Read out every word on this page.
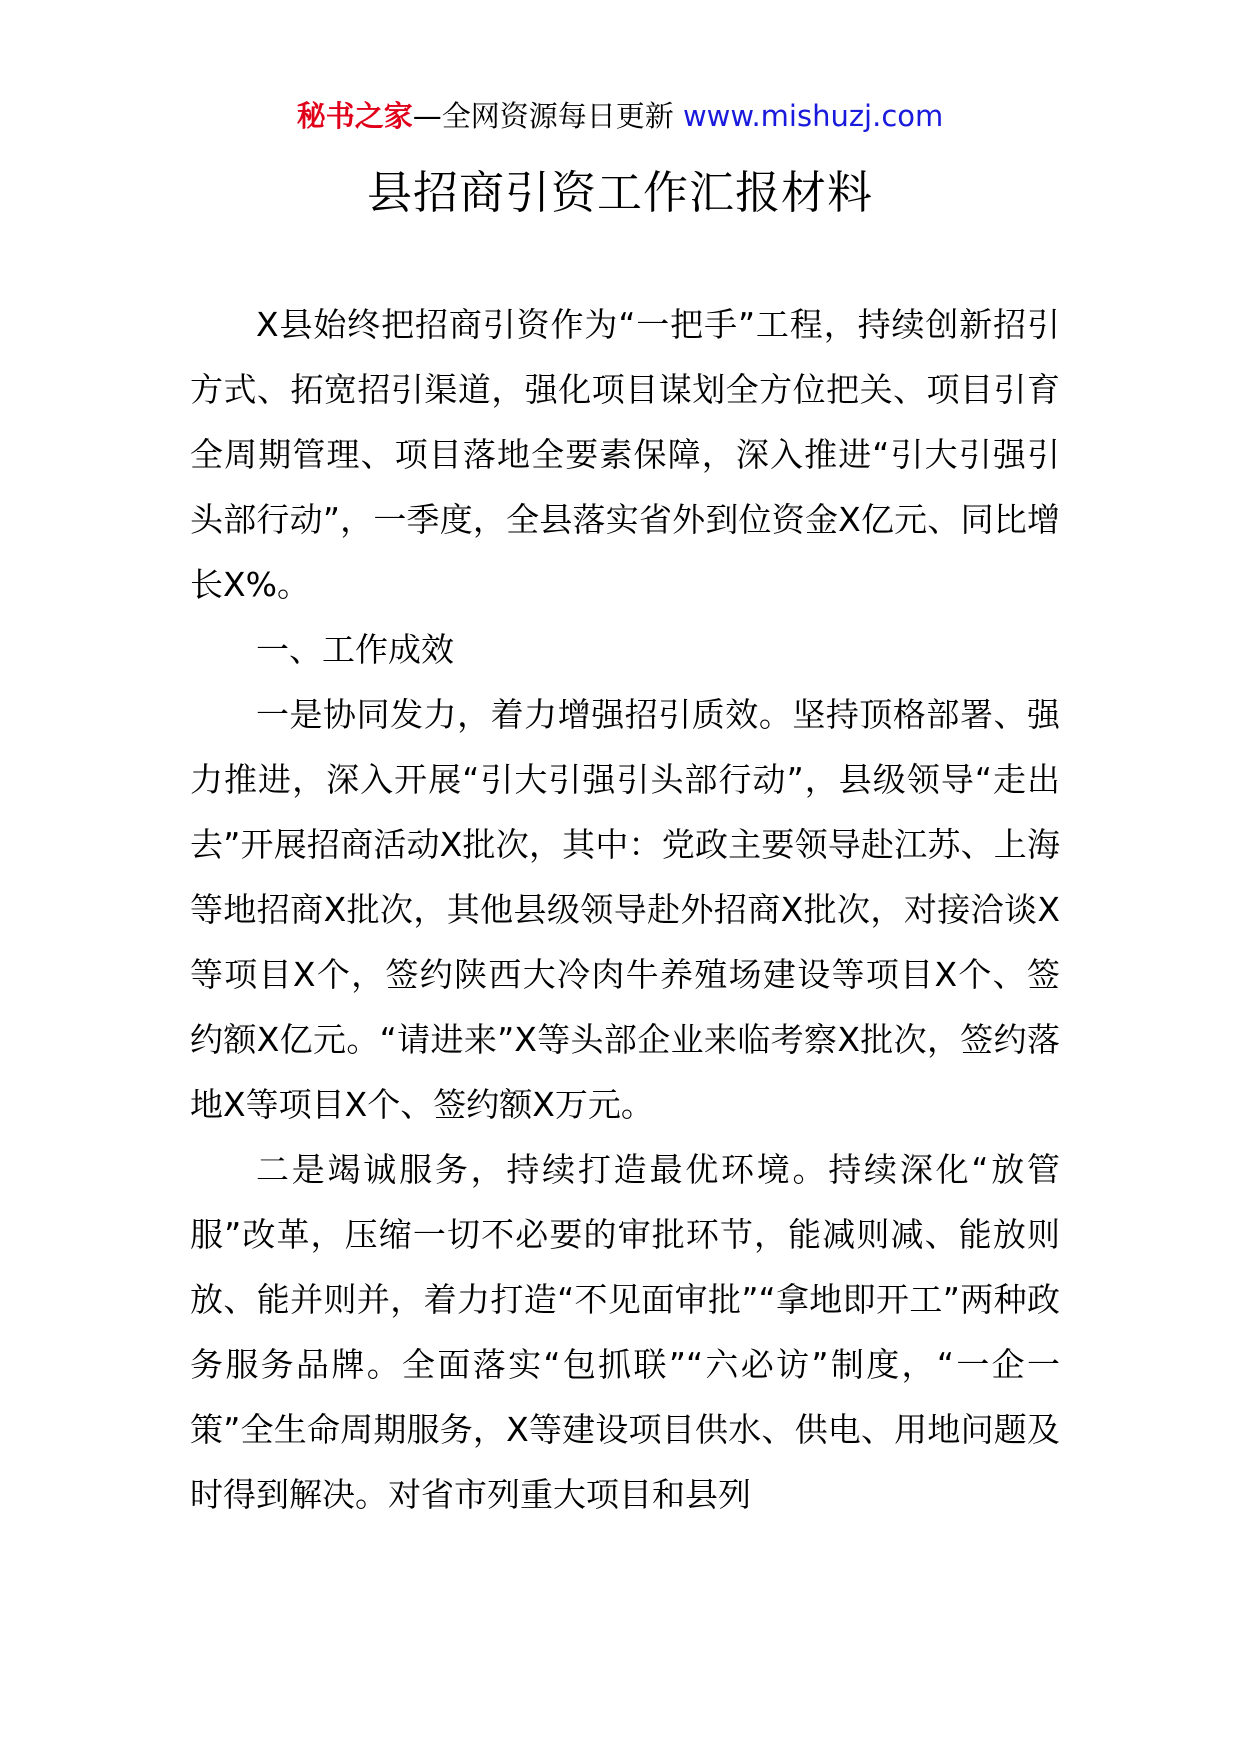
秘书之家—全网资源每日更新 www.mishuzj.com
县招商引资工作汇报材料

X县始终把招商引资作为“一把手”工程，持续创新招引方式、拓宽招引渠道，强化项目谋划全方位把关、项目引育全周期管理、项目落地全要素保障，深入推进“引大引强引头部行动”，一季度，全县落实省外到位资金X亿元、同比增长X%。

一、工作成效

一是协同发力，着力增强招引质效。坚持顶格部署、强力推进，深入开展“引大引强引头部行动”，县级领导“走出去”开展招商活动X批次，其中：党政主要领导赴江苏、上海等地招商X批次，其他县级领导赴外招商X批次，对接洽谈X等项目X个，签约陕西大冷肉牛养殖场建设等项目X个、签约额X亿元。“请进来”X等头部企业来临考察X批次，签约落地X等项目X个、签约额X万元。

二是竭诚服务，持续打造最优环境。持续深化“放管服”改革，压缩一切不必要的审批环节，能减则减、能放则放、能并则并，着力打造“不见面审批”“拿地即开工”两种政务服务品牌。全面落实“包抓联”“六必访”制度，“一企一策”全生命周期服务，X等建设项目供水、供电、用地问题及时得到解决。对省市列重大项目和县列
